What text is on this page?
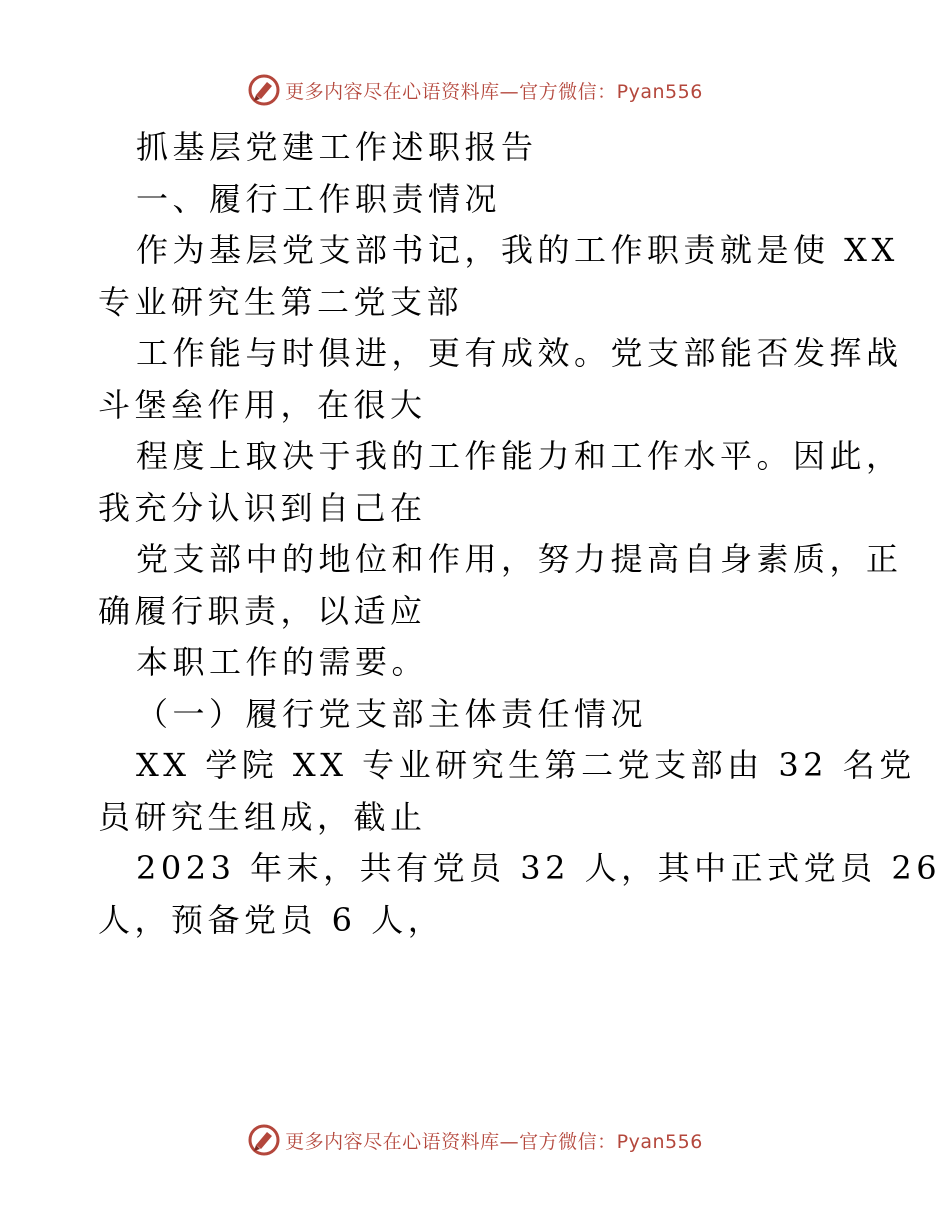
更多内容尽在心语资料库—官方微信：Pyan556
抓基层党建工作述职报告
一、履行工作职责情况
作为基层党支部书记，我的工作职责就是使 XX
专业研究生第二党支部
工作能与时俱进，更有成效。党支部能否发挥战
斗堡垒作用，在很大
程度上取决于我的工作能力和工作水平。因此，
我充分认识到自己在
党支部中的地位和作用，努力提高自身素质，正
确履行职责，以适应
本职工作的需要。
（一）履行党支部主体责任情况
XX 学院 XX 专业研究生第二党支部由 32 名党
员研究生组成，截止
2023 年末，共有党员 32 人，其中正式党员 26
人，预备党员 6 人，
更多内容尽在心语资料库—官方微信：Pyan556
